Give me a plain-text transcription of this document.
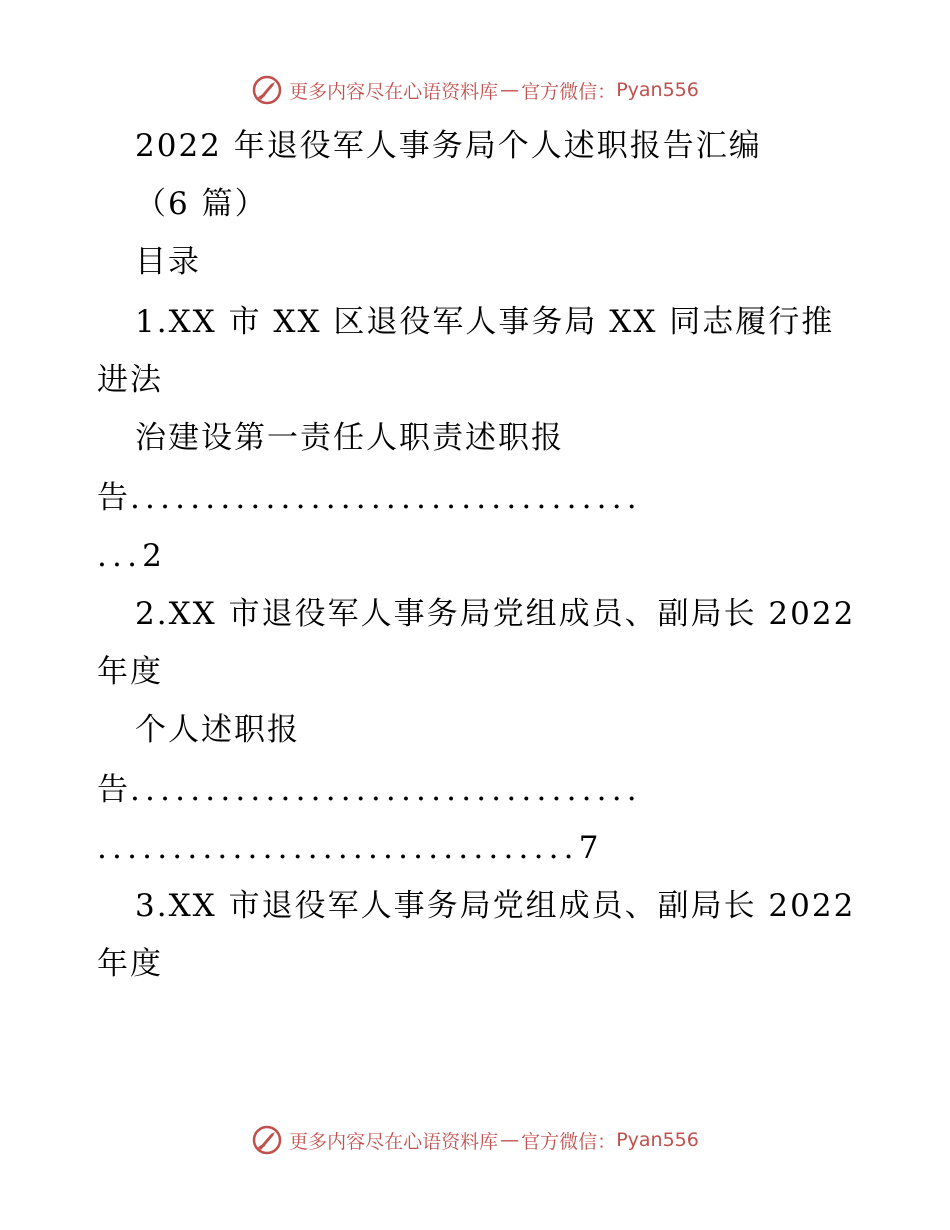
更多内容尽在心语资料库 — 官方微信： Pyan556
2022 年退役军人事务局个人述职报告汇编
（6 篇）
目录
1.XX 市 XX 区退役军人事务局 XX 同志履行推
进法
治建设第一责任人职责述职报
告..................................
...2
2.XX 市退役军人事务局党组成员、副局长 2022
年度
个人述职报
告..................................
................................7
3.XX 市退役军人事务局党组成员、副局长 2022
年度
更多内容尽在心语资料库 — 官方微信： Pyan556
